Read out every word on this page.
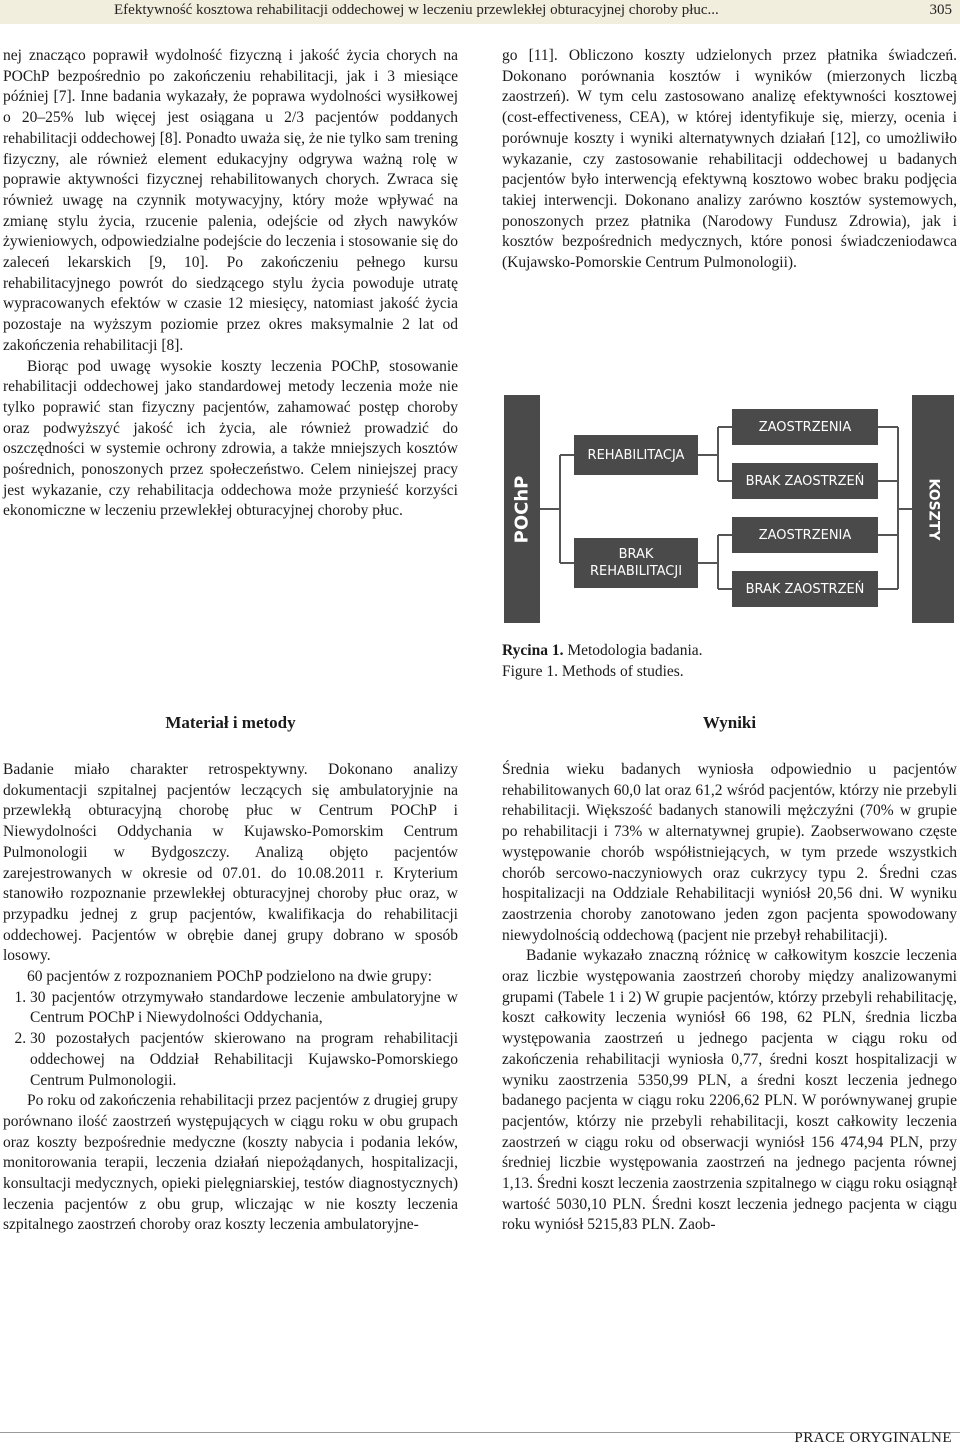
Efektywność kosztowa rehabilitacji oddechowej w leczeniu przewlekłej obturacyjnej choroby płuc...	305

nej znacząco poprawił wydolność fizyczną i jakość życia chorych na POChP bezpośrednio po zakończeniu rehabilitacji, jak i 3 miesiące później [7]. Inne badania wykazały, że poprawa wydolności wysiłkowej o 20–25% lub więcej jest osiągana u 2/3 pacjentów poddanych rehabilitacji oddechowej [8]. Ponadto uważa się, że nie tylko sam trening fizyczny, ale również element edukacyjny odgrywa ważną rolę w poprawie aktywności fizycznej rehabilitowanych chorych. Zwraca się również uwagę na czynnik motywacyjny, który może wpływać na zmianę stylu życia, rzucenie palenia, odejście od złych nawyków żywieniowych, odpowiedzialne podejście do leczenia i stosowanie się do zaleceń lekarskich [9, 10]. Po zakończeniu pełnego kursu rehabilitacyjnego powrót do siedzącego stylu życia powoduje utratę wypracowanych efektów w czasie 12 miesięcy, natomiast jakość życia pozostaje na wyższym poziomie przez okres maksymalnie 2 lat od zakończenia rehabilitacji [8].

Biorąc pod uwagę wysokie koszty leczenia POChP, stosowanie rehabilitacji oddechowej jako standardowej metody leczenia może nie tylko poprawić stan fizyczny pacjentów, zahamować postęp choroby oraz podwyższyć jakość ich życia, ale również prowadzić do oszczędności w systemie ochrony zdrowia, a także mniejszych kosztów pośrednich, ponoszonych przez społeczeństwo. Celem niniejszej pracy jest wykazanie, czy rehabilitacja oddechowa może przynieść korzyści ekonomiczne w leczeniu przewlekłej obturacyjnej choroby płuc.

go [11]. Obliczono koszty udzielonych przez płatnika świadczeń. Dokonano porównania kosztów i wyników (mierzonych liczbą zaostrzeń). W tym celu zastosowano analizę efektywności kosztowej (cost-effectiveness, CEA), w której identyfikuje się, mierzy, ocenia i porównuje koszty i wyniki alternatywnych działań [12], co umożliwiło wykazanie, czy zastosowanie rehabilitacji oddechowej u badanych pacjentów było interwencją efektywną kosztowo wobec braku podjęcia takiej interwencji. Dokonano analizy zarówno kosztów systemowych, ponoszonych przez płatnika (Narodowy Fundusz Zdrowia), jak i kosztów bezpośrednich medycznych, które ponosi świadczeniodawca (Kujawsko-Pomorskie Centrum Pulmonologii).

POChP
REHABILITACJA
BRAK REHABILITACJI
ZAOSTRZENIA
BRAK ZAOSTRZEŃ
ZAOSTRZENIA
BRAK ZAOSTRZEŃ
KOSZTY
Rycina 1. Metodologia badania.
Figure 1. Methods of studies.
Materiał i metody	Wyniki

Badanie miało charakter retrospektywny. Dokonano analizy dokumentacji szpitalnej pacjentów leczących się ambulatoryjnie na przewlekłą obturacyjną chorobę płuc w Centrum POChP i Niewydolności Oddychania w Kujawsko-Pomorskim Centrum Pulmonologii w Bydgoszczy. Analizą objęto pacjentów zarejestrowanych w okresie od 07.01. do 10.08.2011 r. Kryterium stanowiło rozpoznanie przewlekłej obturacyjnej choroby płuc oraz, w przypadku jednej z grup pacjentów, kwalifikacja do rehabilitacji oddechowej. Pacjentów w obrębie danej grupy dobrano w sposób losowy.

60 pacjentów z rozpoznaniem POChP podzielono na dwie grupy:

1. 30 pacjentów otrzymywało standardowe leczenie ambulatoryjne w Centrum POChP i Niewydolności Oddychania,
2. 30 pozostałych pacjentów skierowano na program rehabilitacji oddechowej na Oddział Rehabilitacji Kujawsko-Pomorskiego Centrum Pulmonologii.

Po roku od zakończenia rehabilitacji przez pacjentów z drugiej grupy porównano ilość zaostrzeń występujących w ciągu roku w obu grupach oraz koszty bezpośrednie medyczne (koszty nabycia i podania leków, monitorowania terapii, leczenia działań niepożądanych, hospitalizacji, konsultacji medycznych, opieki pielęgniarskiej, testów diagnostycznych) leczenia pacjentów z obu grup, wliczając w nie koszty leczenia szpitalnego zaostrzeń choroby oraz koszty leczenia ambulatoryjne-

Średnia wieku badanych wyniosła odpowiednio u pacjentów rehabilitowanych 60,0 lat oraz 61,2 wśród pacjentów, którzy nie przebyli rehabilitacji. Większość badanych stanowili mężczyźni (70% w grupie po rehabilitacji i 73% w alternatywnej grupie). Zaobserwowano częste występowanie chorób współistniejących, w tym przede wszystkich chorób sercowo-naczyniowych oraz cukrzycy typu 2. Średni czas hospitalizacji na Oddziale Rehabilitacji wyniósł 20,56 dni. W wyniku zaostrzenia choroby zanotowano jeden zgon pacjenta spowodowany niewydolnością oddechową (pacjent nie przebył rehabilitacji).

Badanie wykazało znaczną różnicę w całkowitym koszcie leczenia oraz liczbie występowania zaostrzeń choroby między analizowanymi grupami (Tabele 1 i 2) W grupie pacjentów, którzy przebyli rehabilitację, koszt całkowity leczenia wyniósł 66 198, 62 PLN, średnia liczba występowania zaostrzeń u jednego pacjenta w ciągu roku od zakończenia rehabilitacji wyniosła 0,77, średni koszt hospitalizacji w wyniku zaostrzenia 5350,99 PLN, a średni koszt leczenia jednego badanego pacjenta w ciągu roku 2206,62 PLN. W porównywanej grupie pacjentów, którzy nie przebyli rehabilitacji, koszt całkowity leczenia zaostrzeń w ciągu roku od obserwacji wyniósł 156 474,94 PLN, przy średniej liczbie występowania zaostrzeń na jednego pacjenta równej 1,13. Średni koszt leczenia zaostrzenia szpitalnego w ciągu roku osiągnął wartość 5030,10 PLN. Średni koszt leczenia jednego pacjenta w ciągu roku wyniósł 5215,83 PLN. Zaob-

PRACE ORYGINALNE
